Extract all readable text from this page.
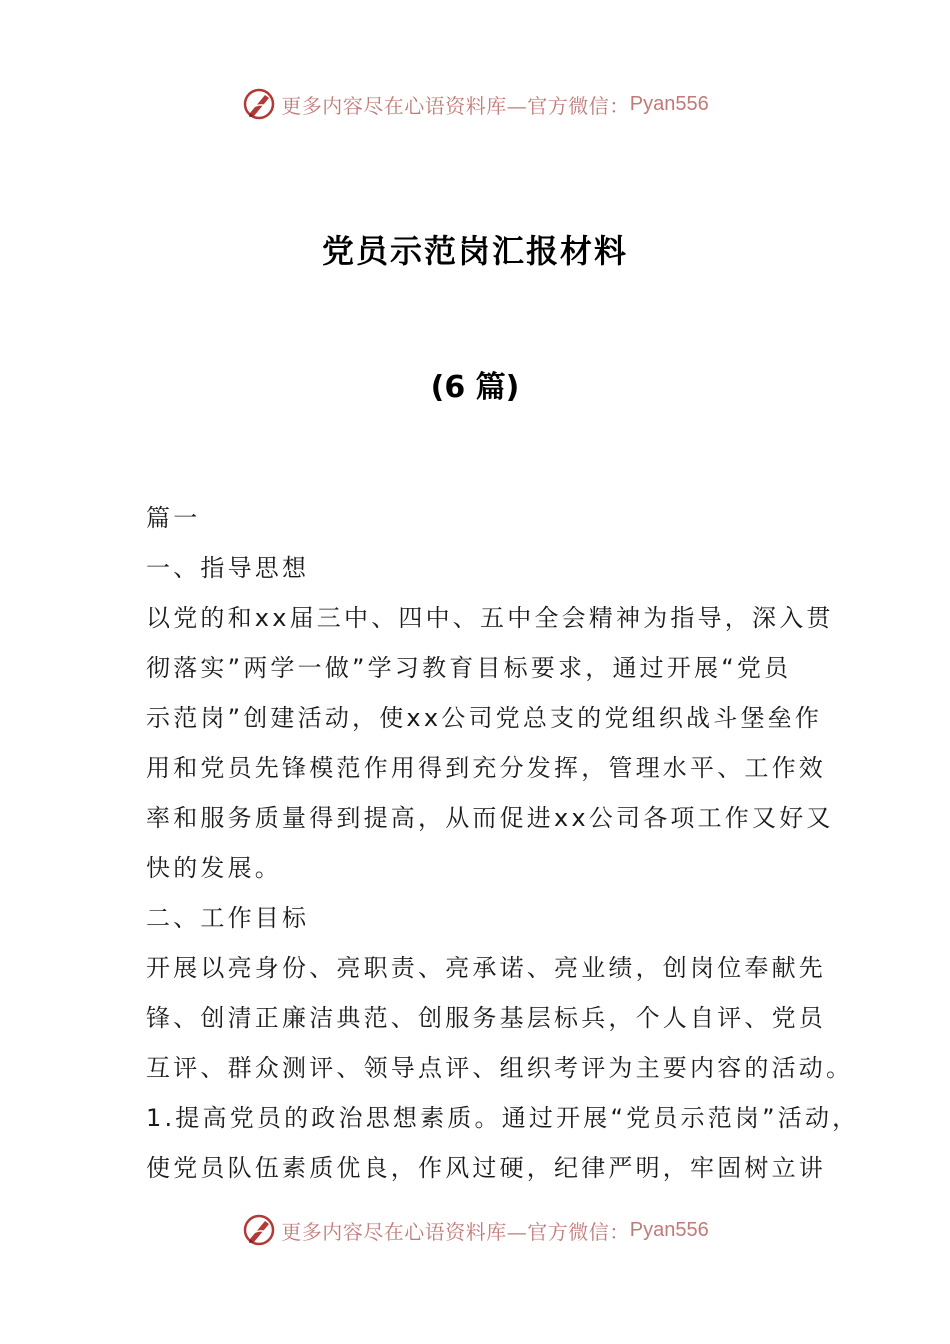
更多内容尽在心语资料库—官方微信： Pyan556
党员示范岗汇报材料
(6 篇)
篇一
一、指导思想
以党的和xx届三中、四中、五中全会精神为指导，深入贯
彻落实”两学一做”学习教育目标要求，通过开展“党员
示范岗”创建活动，使xx公司党总支的党组织战斗堡垒作
用和党员先锋模范作用得到充分发挥，管理水平、工作效
率和服务质量得到提高，从而促进xx公司各项工作又好又
快的发展。
二、工作目标
开展以亮身份、亮职责、亮承诺、亮业绩，创岗位奉献先
锋、创清正廉洁典范、创服务基层标兵，个人自评、党员
互评、群众测评、领导点评、组织考评为主要内容的活动。
1.提高党员的政治思想素质。通过开展“党员示范岗”活动，
使党员队伍素质优良，作风过硬，纪律严明，牢固树立讲
更多内容尽在心语资料库—官方微信： Pyan556
